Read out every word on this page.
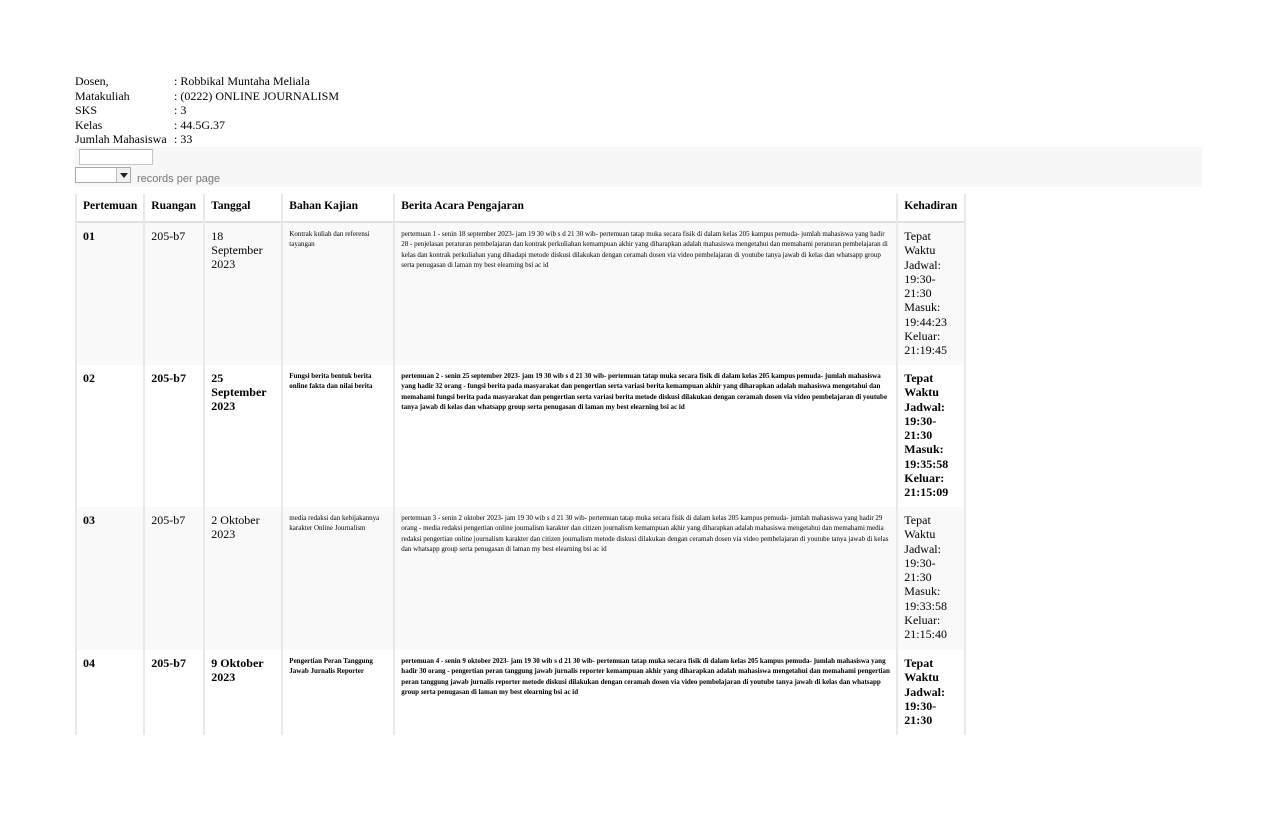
Dosen,	: Robbikal Muntaha Meliala
Matakuliah	: (0222) ONLINE JOURNALISM
SKS	: 3
Kelas	: 44.5G.37
Jumlah Mahasiswa	: 33
records per page
Pertemuan	Ruangan	Tanggal	Bahan Kajian	Berita Acara Pengajaran	Kehadiran
01	205-b7	18 September 2023	Kontrak kuliah dan referensi tayangan	pertemuan 1 - senin 18 september 2023- jam 19 30 wib s d 21 30 wib- pertemuan tatap muka secara fisik di dalam kelas 205 kampus pemuda- jumlah mahasiswa yang hadir 28 - penjelasan peraturan pembelajaran dan kontrak perkuliahan kemampuan akhir yang diharapkan adalah mahasiswa mengetahui dan memahami peraturan pembelajaran di kelas dan kontrak perkuliahan yang dihadapi metode diskusi dilakukan dengan ceramah dosen via video pembelajaran di youtube tanya jawab di kelas dan whatsapp group serta penugasan di laman my best elearning bsi ac id	Tepat Waktu Jadwal: 19:30-21:30 Masuk: 19:44:23 Keluar: 21:19:45
02	205-b7	25 September 2023	Fungsi berita bentuk berita online fakta dan nilai berita	pertemuan 2 - senin 25 september 2023- jam 19 30 wib s d 21 30 wib- pertemuan tatap muka secara fisik di dalam kelas 205 kampus pemuda- jumlah mahasiswa yang hadir 32 orang - fungsi berita pada masyarakat dan pengertian serta variasi berita kemampuan akhir yang diharapkan adalah mahasiswa mengetahui dan memahami fungsi berita pada masyarakat dan pengertian serta variasi berita metode diskusi dilakukan dengan ceramah dosen via video pembelajaran di youtube tanya jawab di kelas dan whatsapp group serta penugasan di laman my best elearning bsi ac id	Tepat Waktu Jadwal: 19:30-21:30 Masuk: 19:35:58 Keluar: 21:15:09
03	205-b7	2 Oktober 2023	media redaksi dan kebijakannya karakter Online Journalism	pertemuan 3 - senin 2 oktober 2023- jam 19 30 wib s d 21 30 wib- pertemuan tatap muka secara fisik di dalam kelas 205 kampus pemuda- jumlah mahasiswa yang hadir 29 orang - media redaksi pengertian online journalism karakter dan citizen journalism kemampuan akhir yang diharapkan adalah mahasiswa mengetahui dan memahami media redaksi pengertian online journalism karakter dan citizen journalism metode diskusi dilakukan dengan ceramah dosen via video pembelajaran di youtube tanya jawab di kelas dan whatsapp group serta penugasan di laman my best elearning bsi ac id	Tepat Waktu Jadwal: 19:30-21:30 Masuk: 19:33:58 Keluar: 21:15:40
04	205-b7	9 Oktober 2023	Pengertian Peran Tanggung Jawab Jurnalis Reporter	pertemuan 4 - senin 9 oktober 2023- jam 19 30 wib s d 21 30 wib- pertemuan tatap muka secara fisik di dalam kelas 205 kampus pemuda- jumlah mahasiswa yang hadir 30 orang - pengertian peran tanggung jawab jurnalis reporter kemampuan akhir yang diharapkan adalah mahasiswa mengetahui dan memahami pengertian peran tanggung jawab jurnalis reporter metode diskusi dilakukan dengan ceramah dosen via video pembelajaran di youtube tanya jawab di kelas dan whatsapp group serta penugasan di laman my best elearning bsi ac id	Tepat Waktu Jadwal: 19:30-21:30
